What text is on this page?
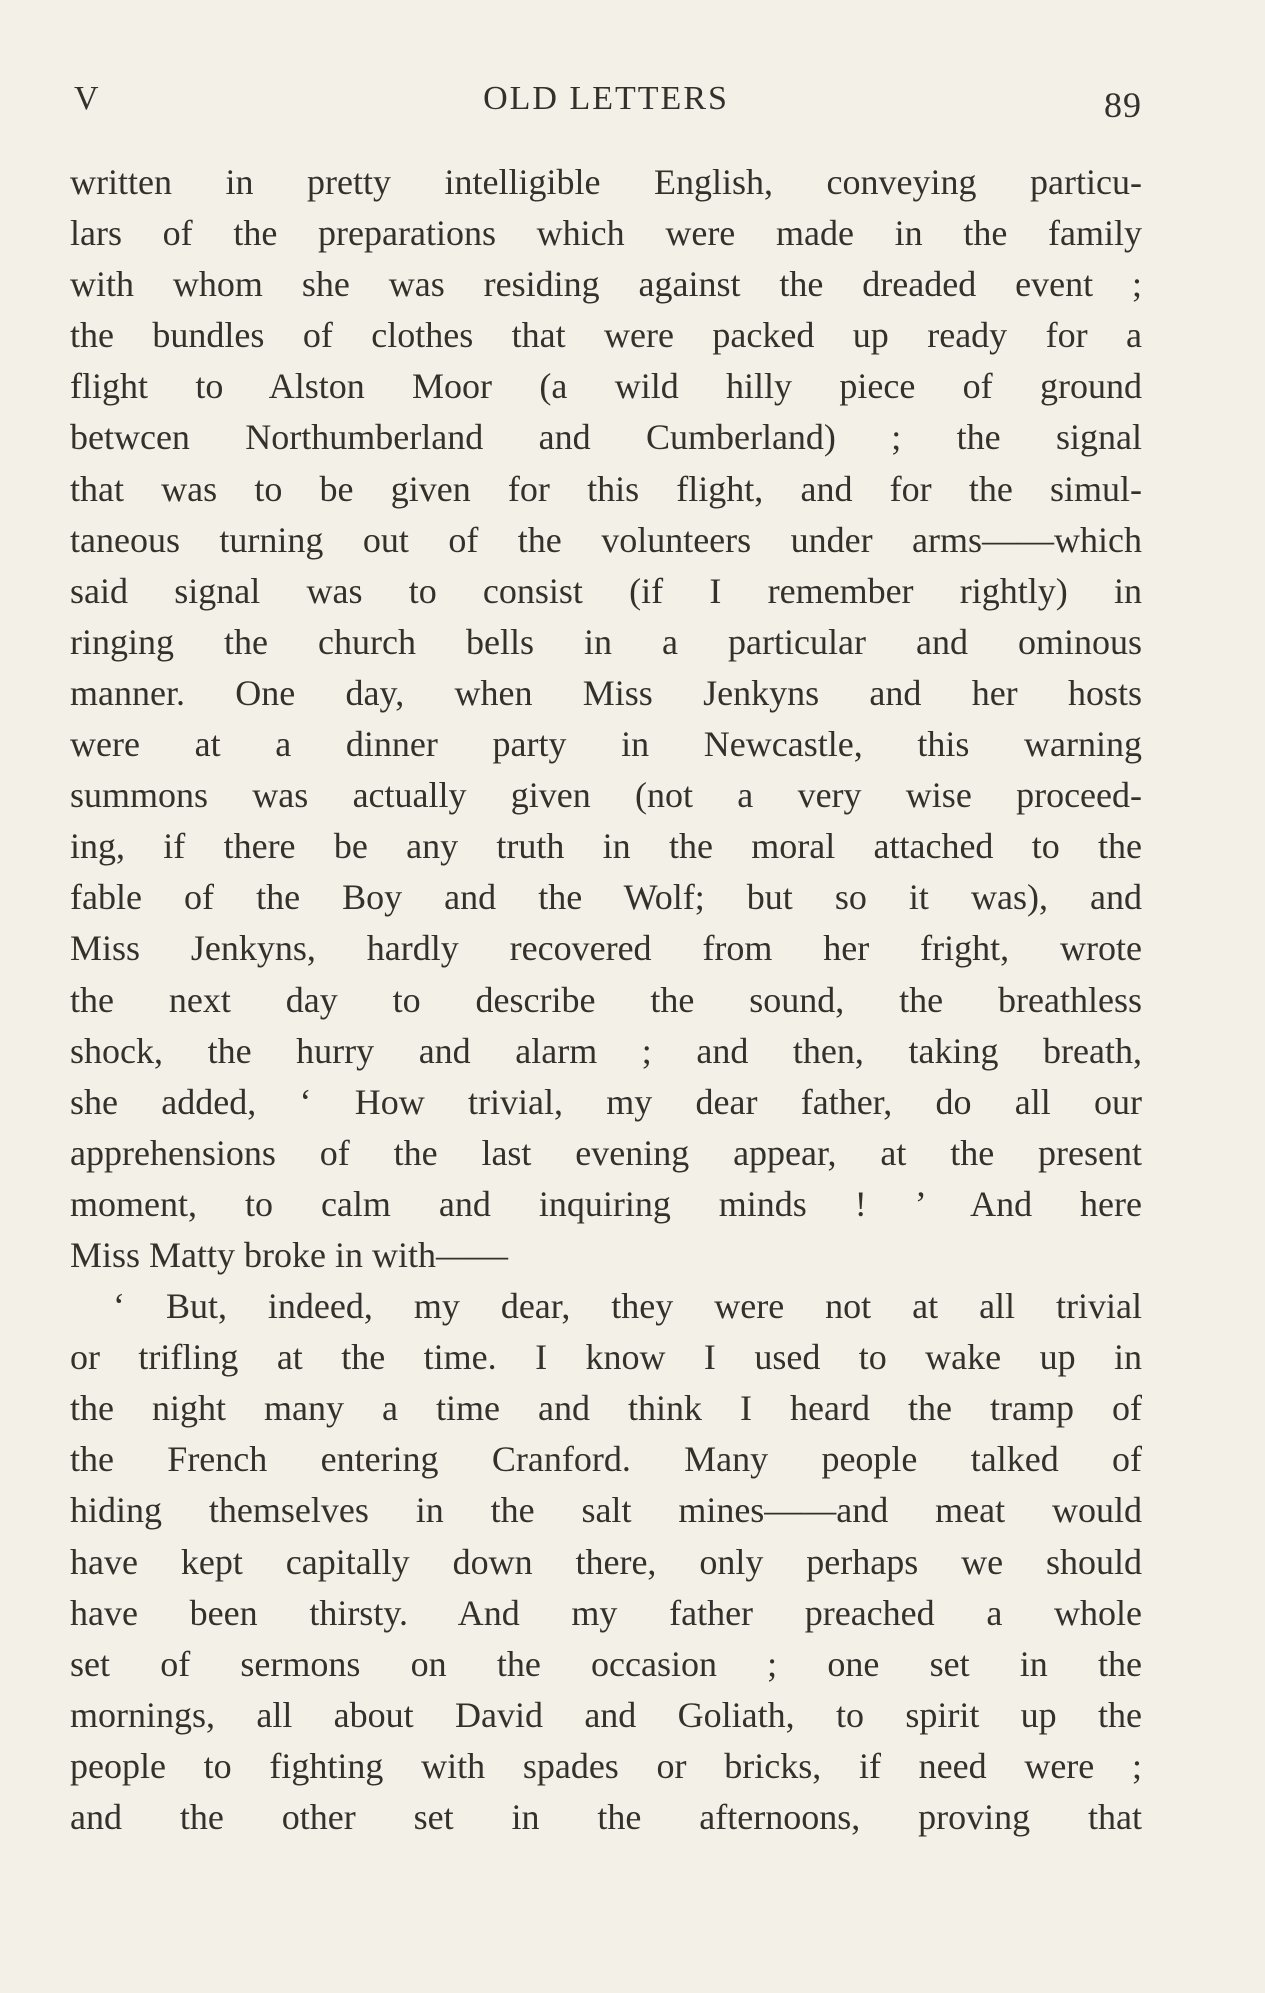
V	OLD LETTERS	89
written in pretty intelligible English, conveying particu-
lars of the preparations which were made in the family
with whom she was residing against the dreaded event ;
the bundles of clothes that were packed up ready for a
flight to Alston Moor (a wild hilly piece of ground
betwcen Northumberland and Cumberland) ; the signal
that was to be given for this flight, and for the simul-
taneous turning out of the volunteers under arms——which
said signal was to consist (if I remember rightly) in
ringing the church bells in a particular and ominous
manner. One day, when Miss Jenkyns and her hosts
were at a dinner party in Newcastle, this warning
summons was actually given (not a very wise proceed-
ing, if there be any truth in the moral attached to the
fable of the Boy and the Wolf; but so it was), and
Miss Jenkyns, hardly recovered from her fright, wrote
the next day to describe the sound, the breathless
shock, the hurry and alarm ; and then, taking breath,
she added, ‘ How trivial, my dear father, do all our
apprehensions of the last evening appear, at the present
moment, to calm and inquiring minds ! ’ And here
Miss Matty broke in with——
‘ But, indeed, my dear, they were not at all trivial
or trifling at the time. I know I used to wake up in
the night many a time and think I heard the tramp of
the French entering Cranford. Many people talked of
hiding themselves in the salt mines——and meat would
have kept capitally down there, only perhaps we should
have been thirsty. And my father preached a whole
set of sermons on the occasion ; one set in the
mornings, all about David and Goliath, to spirit up the
people to fighting with spades or bricks, if need were ;
and the other set in the afternoons, proving that
